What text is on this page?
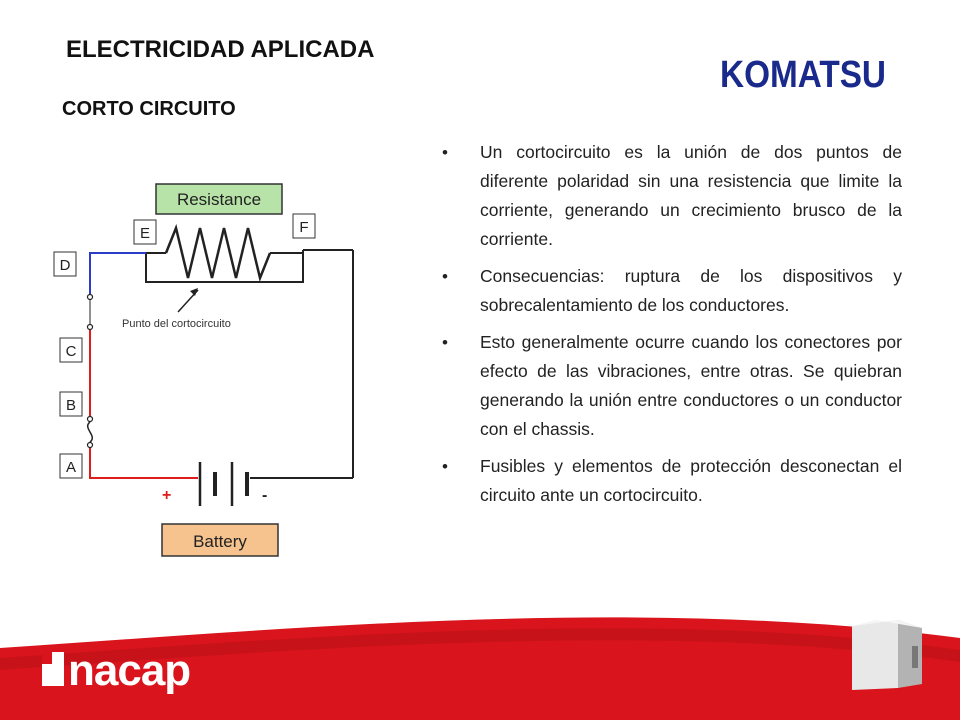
ELECTRICIDAD APLICADA
CORTO CIRCUITO
KOMATSU
• Un cortocircuito es la unión de dos puntos de diferente polaridad sin una resistencia que limite la corriente, generando un crecimiento brusco de la corriente.
• Consecuencias: ruptura de los dispositivos y sobrecalentamiento de los conductores.
• Esto generalmente ocurre cuando los conectores por efecto de las vibraciones, entre otras. Se quiebran generando la unión entre conductores o un conductor con el chassis.
• Fusibles y elementos de protección desconectan el circuito ante un cortocircuito.
Punto del cortocircuito
+	-
Resistance
Battery
E	F
D
C
B
A
nacap
